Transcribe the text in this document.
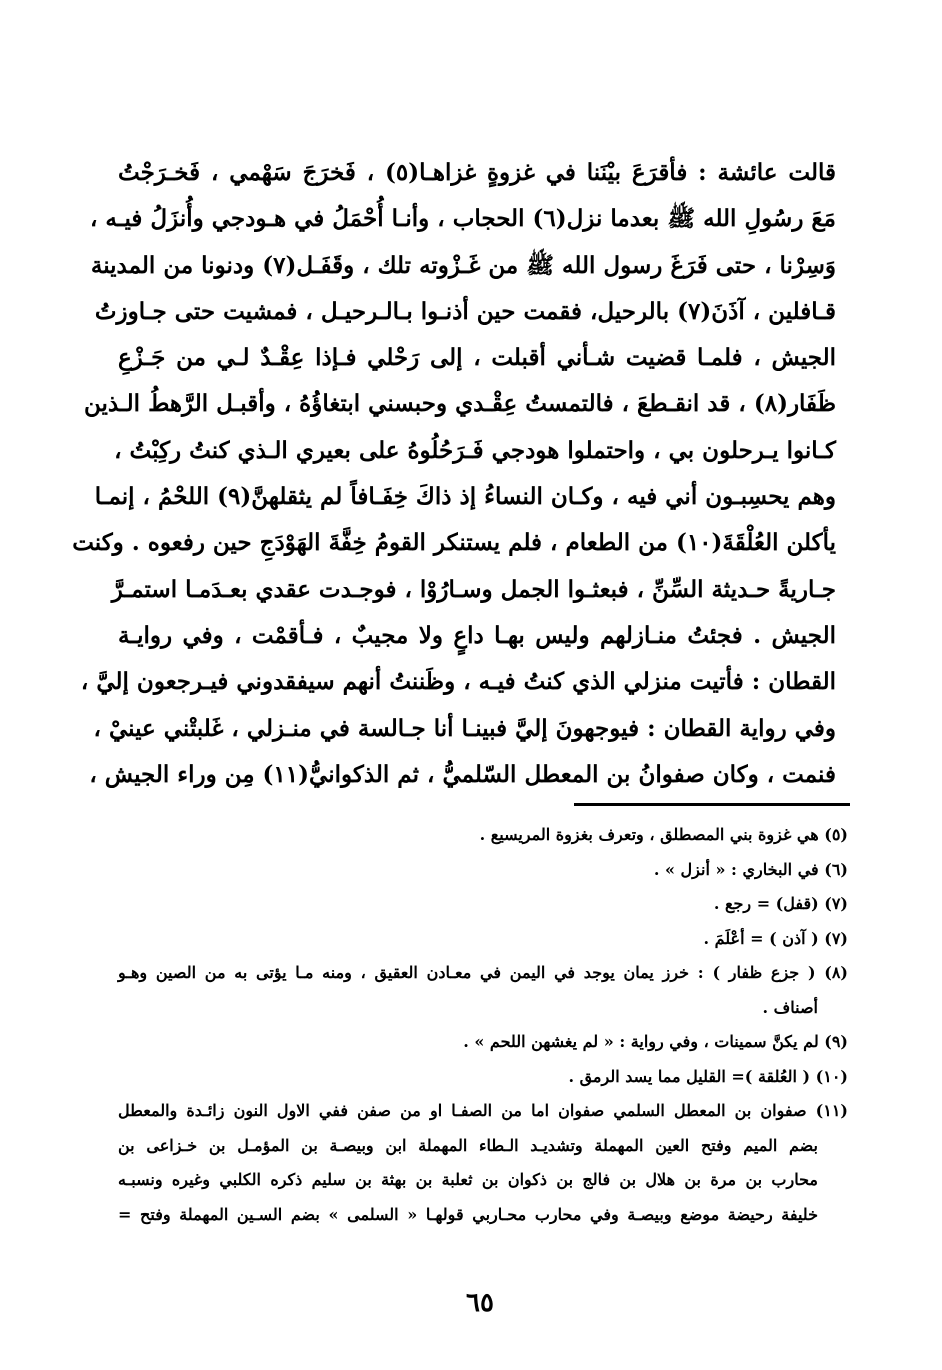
قالت عائشة : فأقرَعَ بيْنَنا في غزوةٍ غزاهـا(٥) ، فَخرَجَ سَهْمي ، فَخـرَجْتُ
مَعَ رسُولِ الله ﷺ بعدما نزل(٦) الحجاب ، وأنـا أُحْمَلُ في هـودجي وأُنزَلُ فيـه ،
وَسِرْنا ، حتى فَرَغَ رسول الله ﷺ من غَـزْوته تلك ، وقَفَـل(٧) ودنونا من المدينة
قـافلين ، آذَنَ(٧) بالرحيل، فقمت حين أذنـوا بـالـرحيـل ، فمشيت حتى جـاوزتُ
الجيش ، فلمـا قضيت شـأني أقبلت ، إلى رَحْلي فـإذا عِقْـدٌ لـي من جَـزْعِ
ظَفَار(٨) ، قد انقـطعَ ، فالتمستُ عِقْـدي وحبسني ابتغاؤُهُ ، وأقبـل الرَّهطُ الـذين
كـانوا يـرحلون بي ، واحتملوا هودجي فَـرَحُلُوهُ على بعيري الـذي كنتُ ركِبْتُ ،
وهم يحسِبـون أني فيه ، وكـان النساءُ إذ ذاكَ خِفَـافاً لم يثقلهنَّ(٩) اللحْمُ ، إنمـا
يأكلن العُلْقَةَ(١٠) من الطعام ، فلم يستنكر القومُ خِفَّةَ الهَوْدَجِ حين رفعوه . وكنت
جـاريةً حـديثة السِّنِّ ، فبعثـوا الجمل وسـارُوْا ، فوجـدت عقدي بعـدَمـا استمـرَّ
الجيش . فجئتُ منـازلهم وليس بهـا داعٍ ولا مجيبٌ ، فـأقمْت ، وفي روايـة
القطان : فأتيت منزلي الذي كنتُ فيـه ، وظَننتُ أنهم سيفقدوني فيـرجعون إليَّ ،
وفي رواية القطان : فيوجهونَ إليَّ فبينـا أنا جـالسة في منـزلي ، غَلبتْني عينيْ ،
فنمت ، وكان صفوانُ بن المعطل السّلميُّ ، ثم الذكوانيُّ(١١) مِن وراء الجيش ،
(٥) هي غزوة بني المصطلق ، وتعرف بغزوة المريسيع .
(٦) في البخاري : « أنزل » .
(٧) (قفل) = رجع .
(٧) ( آذن ) = أعْلَمَ .
(٨) ( جزع ظفار ) : خرز يمان يوجد في اليمن في معـادن العقيق ، ومنه مـا يؤتى به من الصين وهـو
أصناف .
(٩) لم يكنَّ سمينات ، وفي رواية : « لم يغشهن اللحم » .
(١٠) ( العُلقة )= القليل مما يسد الرمق .
(١١) صفوان بن المعطل السلمي صفوان اما من الصفـا او من صفن ففي الاول النون زائـدة والمعطل
بضم الميم وفتح العين المهملة وتشديـد الـطاء المهملة ابن وبيصـة بن المؤمـل بن خـزاعى بن
محارب بن مرة بن هلال بن فالج بن ذكوان بن ثعلبة بن بهثة بن سليم ذكره الكلبي وغيره ونسبـه
خليفة رحيضة موضع وبيصـة وفي محارب محـاربي قولهـا « السلمى » بضم السـين المهملة وفتح =
٦٥
